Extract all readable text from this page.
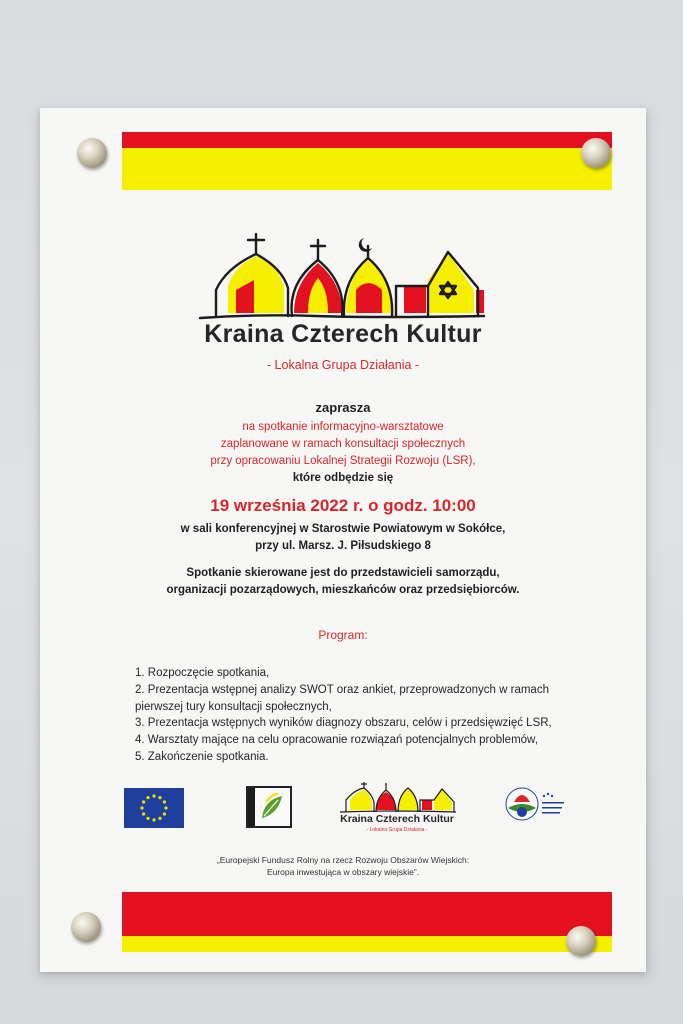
Kraina Czterech Kultur
- Lokalna Grupa Działania -
zaprasza
na spotkanie informacyjno-warsztatowe
zaplanowane w ramach konsultacji społecznych
przy opracowaniu Lokalnej Strategii Rozwoju (LSR),
które odbędzie się
19 września 2022 r. o godz. 10:00
w sali konferencyjnej w Starostwie Powiatowym w Sokółce,
przy ul. Marsz. J. Piłsudskiego 8
Spotkanie skierowane jest do przedstawicieli samorządu,
organizacji pozarządowych, mieszkańców oraz przedsiębiorców.
Program:
1. Rozpoczęcie spotkania,
2. Prezentacja wstępnej analizy SWOT oraz ankiet, przeprowadzonych w ramach
pierwszej tury konsultacji społecznych,
3. Prezentacja wstępnych wyników diagnozy obszaru, celów i przedsięwzięć LSR,
4. Warsztaty mające na celu opracowanie rozwiązań potencjalnych problemów,
5. Zakończenie spotkania.
Kraina Czterech Kultur
- Lokalna Grupa Działania -
„Europejski Fundusz Rolny na rzecz Rozwoju Obszarów Wiejskich:
Europa inwestująca w obszary wiejskie”.
